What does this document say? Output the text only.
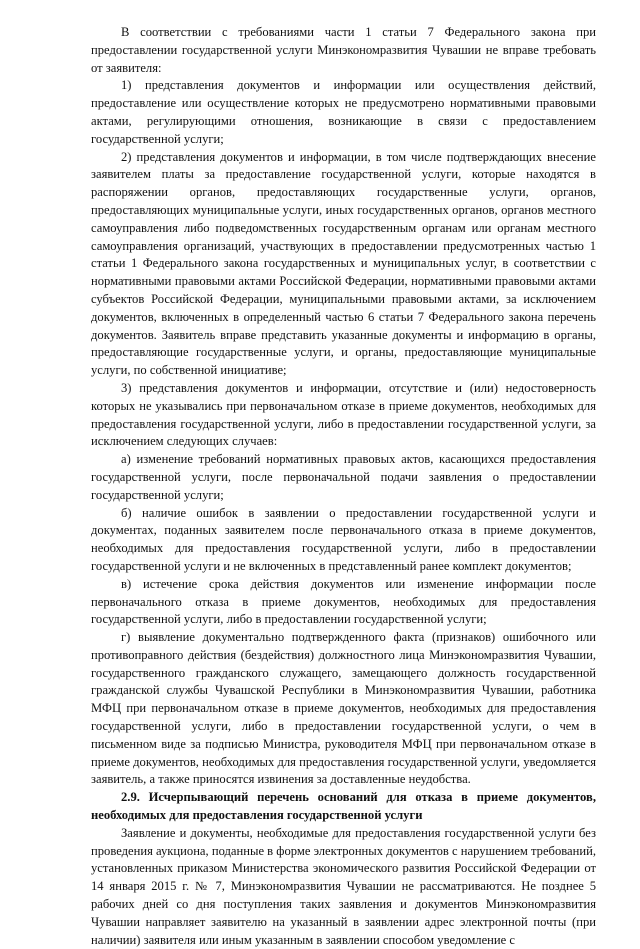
В соответствии с требованиями части 1 статьи 7 Федерального закона при предоставлении государственной услуги Минэкономразвития Чувашии не вправе требовать от заявителя:

1) представления документов и информации или осуществления действий, предоставление или осуществление которых не предусмотрено нормативными правовыми актами, регулирующими отношения, возникающие в связи с предоставлением государственной услуги;

2) представления документов и информации, в том числе подтверждающих внесение заявителем платы за предоставление государственной услуги, которые находятся в распоряжении органов, предоставляющих государственные услуги, органов, предоставляющих муниципальные услуги, иных государственных органов, органов местного самоуправления либо подведомственных государственным органам или органам местного самоуправления организаций, участвующих в предоставлении предусмотренных частью 1 статьи 1 Федерального закона государственных и муниципальных услуг, в соответствии с нормативными правовыми актами Российской Федерации, нормативными правовыми актами субъектов Российской Федерации, муниципальными правовыми актами, за исключением документов, включенных в определенный частью 6 статьи 7 Федерального закона перечень документов. Заявитель вправе представить указанные документы и информацию в органы, предоставляющие государственные услуги, и органы, предоставляющие муниципальные услуги, по собственной инициативе;

3) представления документов и информации, отсутствие и (или) недостоверность которых не указывались при первоначальном отказе в приеме документов, необходимых для предоставления государственной услуги, либо в предоставлении государственной услуги, за исключением следующих случаев:

а) изменение требований нормативных правовых актов, касающихся предоставления государственной услуги, после первоначальной подачи заявления о предоставлении государственной услуги;

б) наличие ошибок в заявлении о предоставлении государственной услуги и документах, поданных заявителем после первоначального отказа в приеме документов, необходимых для предоставления государственной услуги, либо в предоставлении государственной услуги и не включенных в представленный ранее комплект документов;

в) истечение срока действия документов или изменение информации после первоначального отказа в приеме документов, необходимых для предоставления государственной услуги, либо в предоставлении государственной услуги;

г) выявление документально подтвержденного факта (признаков) ошибочного или противоправного действия (бездействия) должностного лица Минэкономразвития Чувашии, государственного гражданского служащего, замещающего должность государственной гражданской службы Чувашской Республики в Минэкономразвития Чувашии, работника МФЦ при первоначальном отказе в приеме документов, необходимых для предоставления государственной услуги, либо в предоставлении государственной услуги, о чем в письменном виде за подписью Министра, руководителя МФЦ при первоначальном отказе в приеме документов, необходимых для предоставления государственной услуги, уведомляется заявитель, а также приносятся извинения за доставленные неудобства.

2.9. Исчерпывающий перечень оснований для отказа в приеме документов, необходимых для предоставления государственной услуги

Заявление и документы, необходимые для предоставления государственной услуги без проведения аукциона, поданные в форме электронных документов с нарушением требований, установленных приказом Министерства экономического развития Российской Федерации от 14 января 2015 г. № 7, Минэкономразвития Чувашии не рассматриваются. Не позднее 5 рабочих дней со дня поступления таких заявления и документов Минэкономразвития Чувашии направляет заявителю на указанный в заявлении адрес электронной почты (при наличии) заявителя или иным указанным в заявлении способом уведомление с
